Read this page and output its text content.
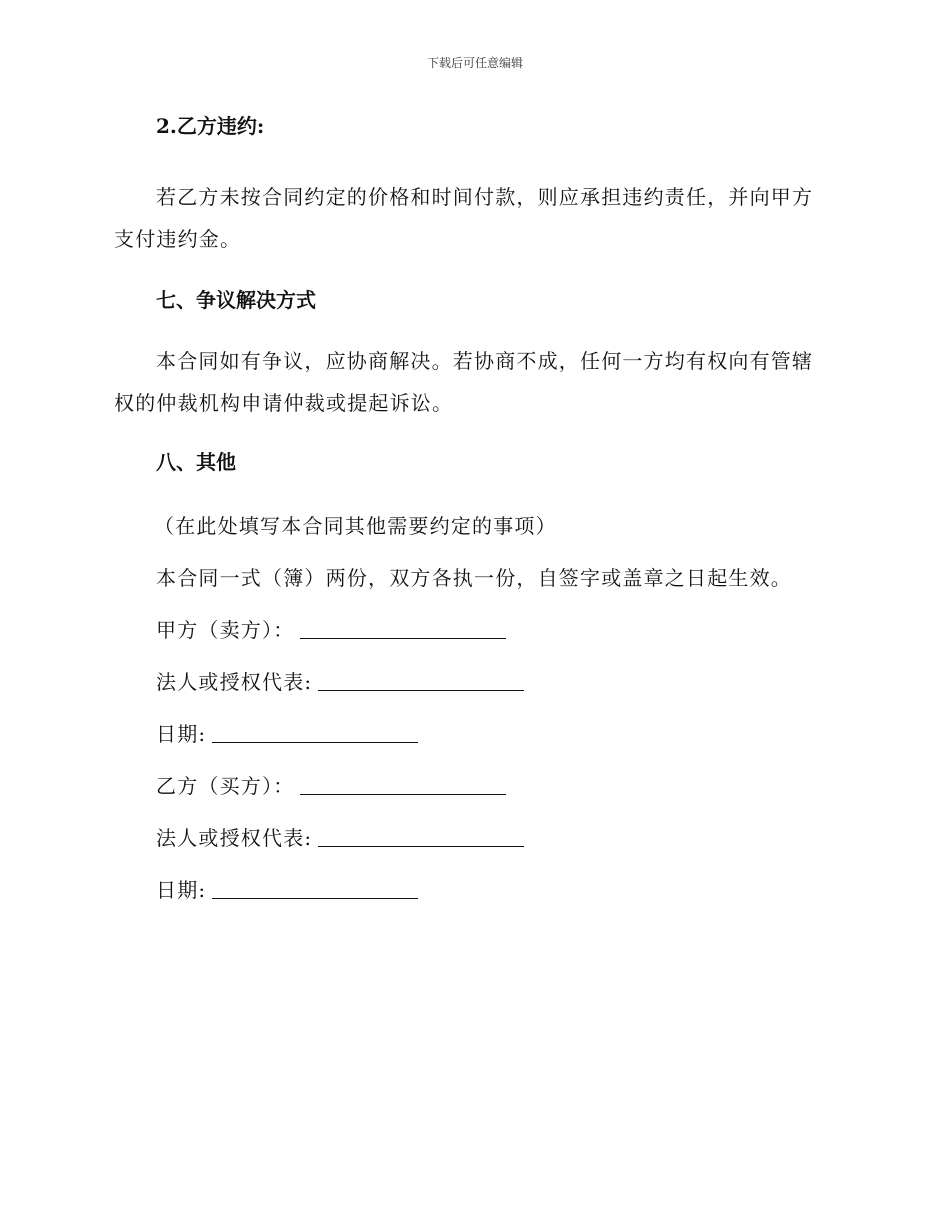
下载后可任意编辑

2.乙方违约:

若乙方未按合同约定的价格和时间付款，则应承担违约责任，并向甲方支付违约金。

七、争议解决方式

本合同如有争议，应协商解决。若协商不成，任何一方均有权向有管辖权的仲裁机构申请仲裁或提起诉讼。

八、其他

（在此处填写本合同其他需要约定的事项）

本合同一式（簿）两份，双方各执一份，自签字或盖章之日起生效。

甲方（卖方）：

法人或授权代表:

日期:

乙方（买方）：

法人或授权代表:

日期:
